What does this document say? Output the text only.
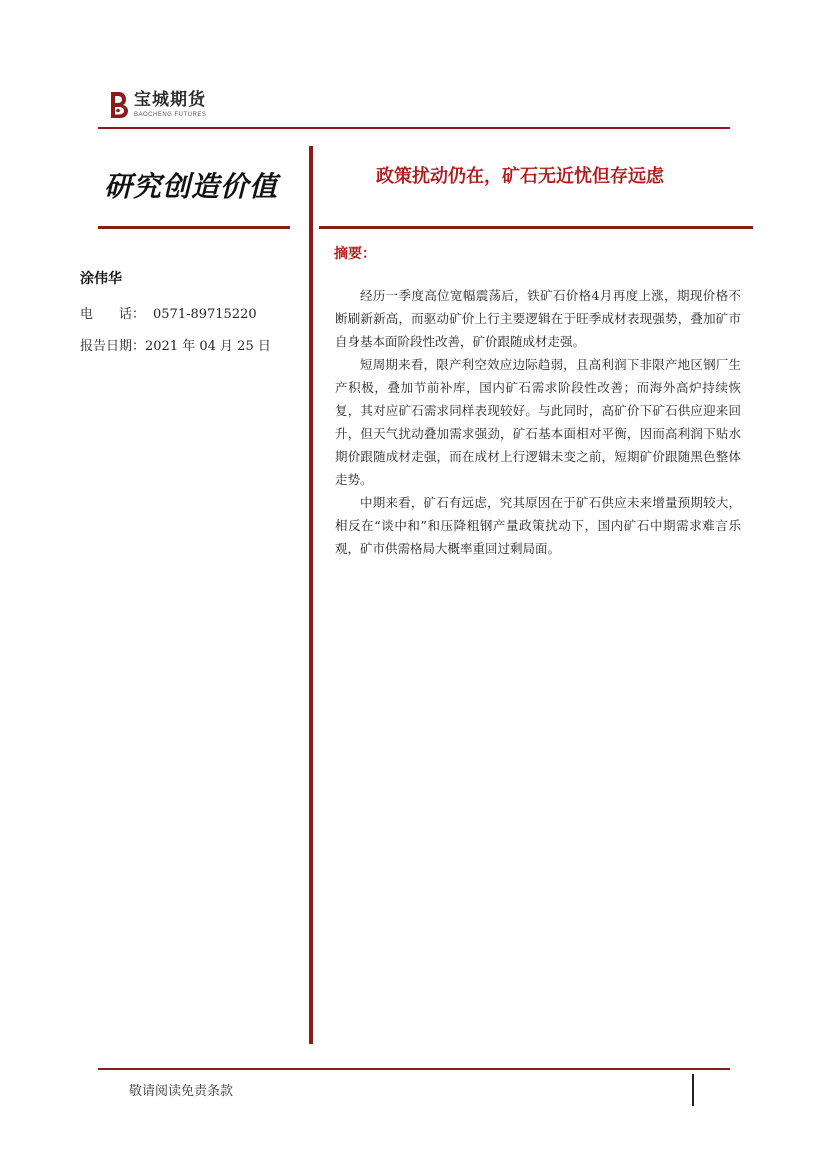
宝城期货
BAOCHENG FUTURES
研究创造价值	政策扰动仍在，矿石无近忧但存远虑
摘要：

经历一季度高位宽幅震荡后，铁矿石价格4月再度上涨，期现价格不断刷新新高，而驱动矿价上行主要逻辑在于旺季成材表现强势，叠加矿市自身基本面阶段性改善，矿价跟随成材走强。

短周期来看，限产利空效应边际趋弱，且高利润下非限产地区钢厂生产积极，叠加节前补库，国内矿石需求阶段性改善；而海外高炉持续恢复，其对应矿石需求同样表现较好。与此同时，高矿价下矿石供应迎来回升，但天气扰动叠加需求强劲，矿石基本面相对平衡，因而高利润下贴水期价跟随成材走强，而在成材上行逻辑未变之前，短期矿价跟随黑色整体走势。

中期来看，矿石有远虑，究其原因在于矿石供应未来增量预期较大，相反在“谈中和”和压降粗钢产量政策扰动下，国内矿石中期需求难言乐观，矿市供需格局大概率重回过剩局面。

涂伟华
电　　话： 0571-89715220
报告日期：2021 年 04 月 25 日
敬请阅读免责条款
